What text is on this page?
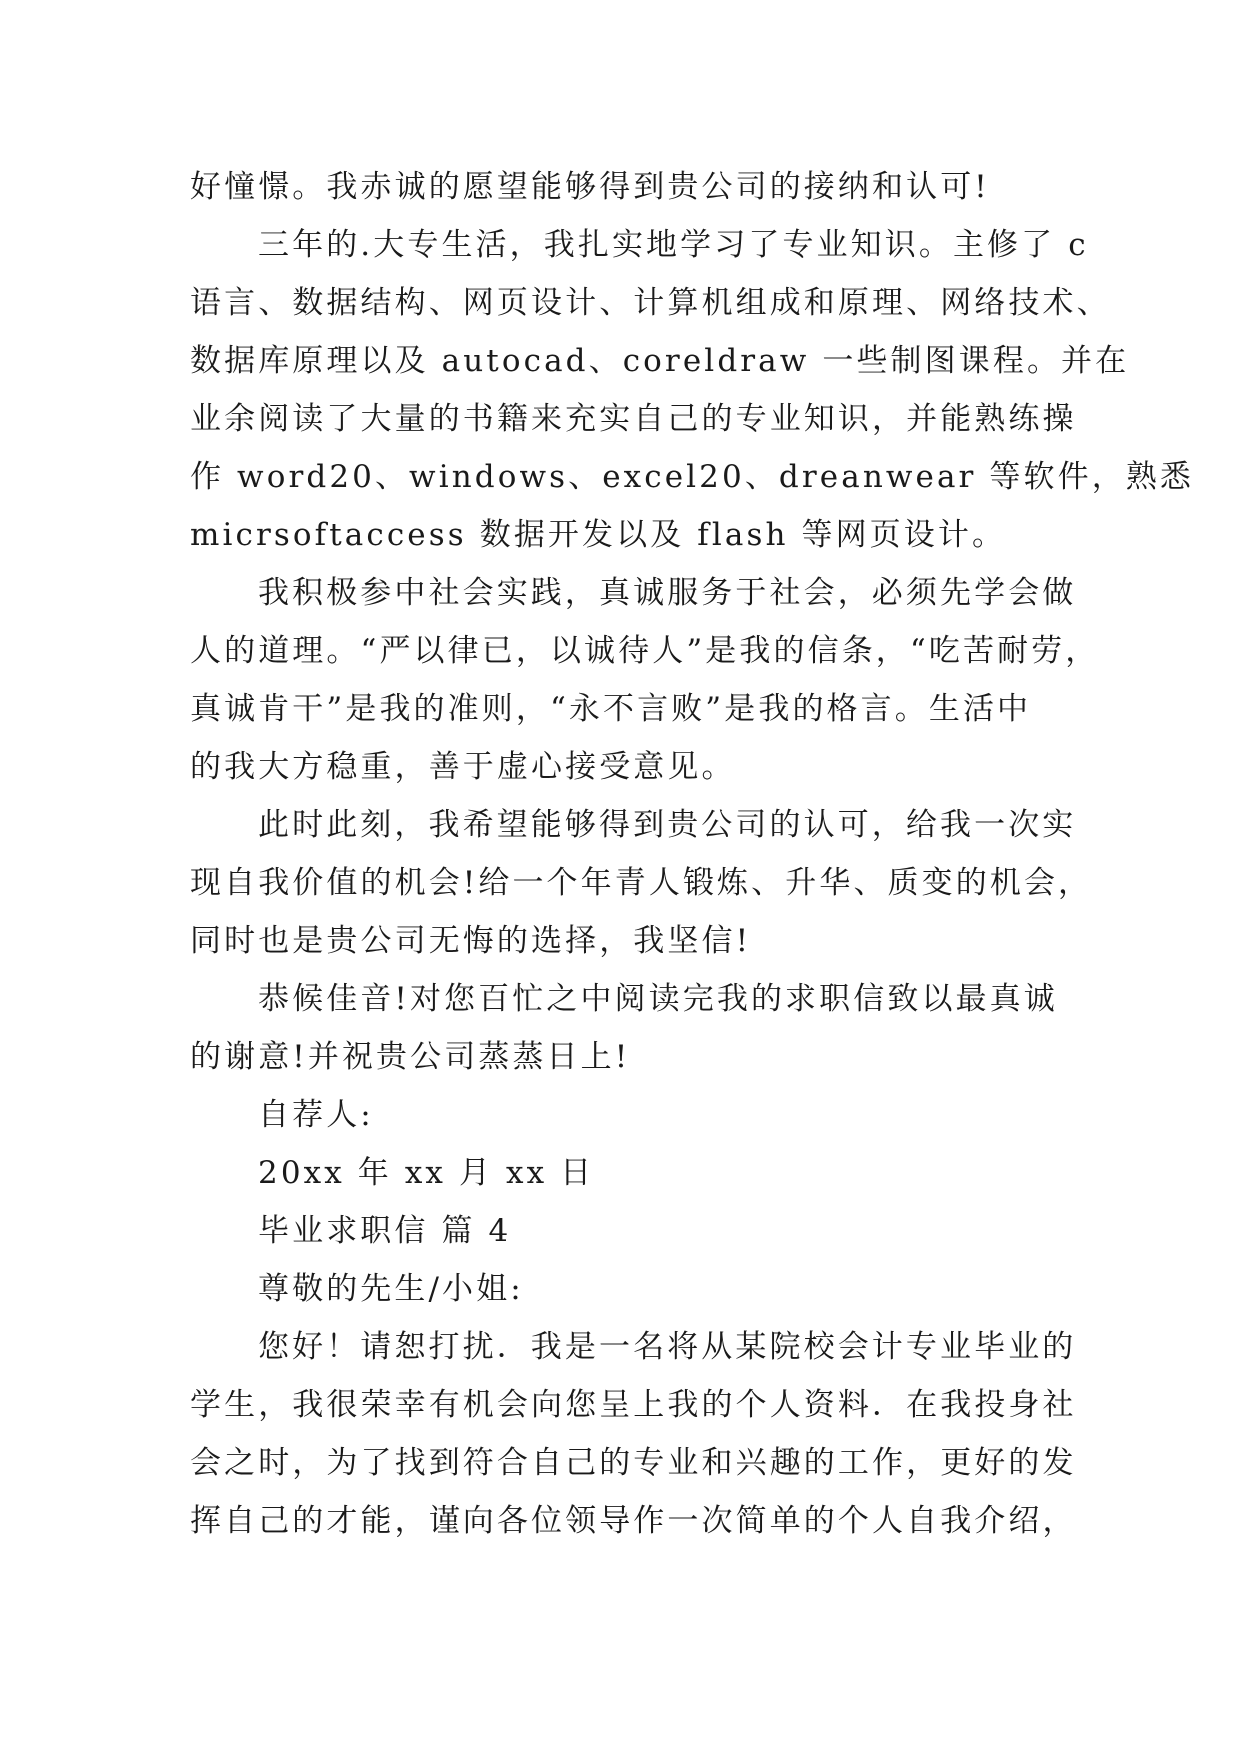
好憧憬。我赤诚的愿望能够得到贵公司的接纳和认可!
三年的.大专生活，我扎实地学习了专业知识。主修了 c
语言、数据结构、网页设计、计算机组成和原理、网络技术、
数据库原理以及 autocad、coreldraw 一些制图课程。并在
业余阅读了大量的书籍来充实自己的专业知识，并能熟练操
作 word20、windows、excel20、dreanwear 等软件，熟悉
micrsoftaccess 数据开发以及 flash 等网页设计。
我积极参中社会实践，真诚服务于社会，必须先学会做
人的道理。“严以律已，以诚待人”是我的信条，“吃苦耐劳，
真诚肯干”是我的准则，“永不言败”是我的格言。生活中
的我大方稳重，善于虚心接受意见。
此时此刻，我希望能够得到贵公司的认可，给我一次实
现自我价值的机会!给一个年青人锻炼、升华、质变的机会，
同时也是贵公司无悔的选择，我坚信!
恭候佳音!对您百忙之中阅读完我的求职信致以最真诚
的谢意!并祝贵公司蒸蒸日上!
自荐人:
20xx 年 xx 月 xx 日
毕业求职信 篇 4
尊敬的先生/小姐:
您好！请恕打扰．我是一名将从某院校会计专业毕业的
学生，我很荣幸有机会向您呈上我的个人资料．在我投身社
会之时，为了找到符合自己的专业和兴趣的工作，更好的发
挥自己的才能，谨向各位领导作一次简单的个人自我介绍，
